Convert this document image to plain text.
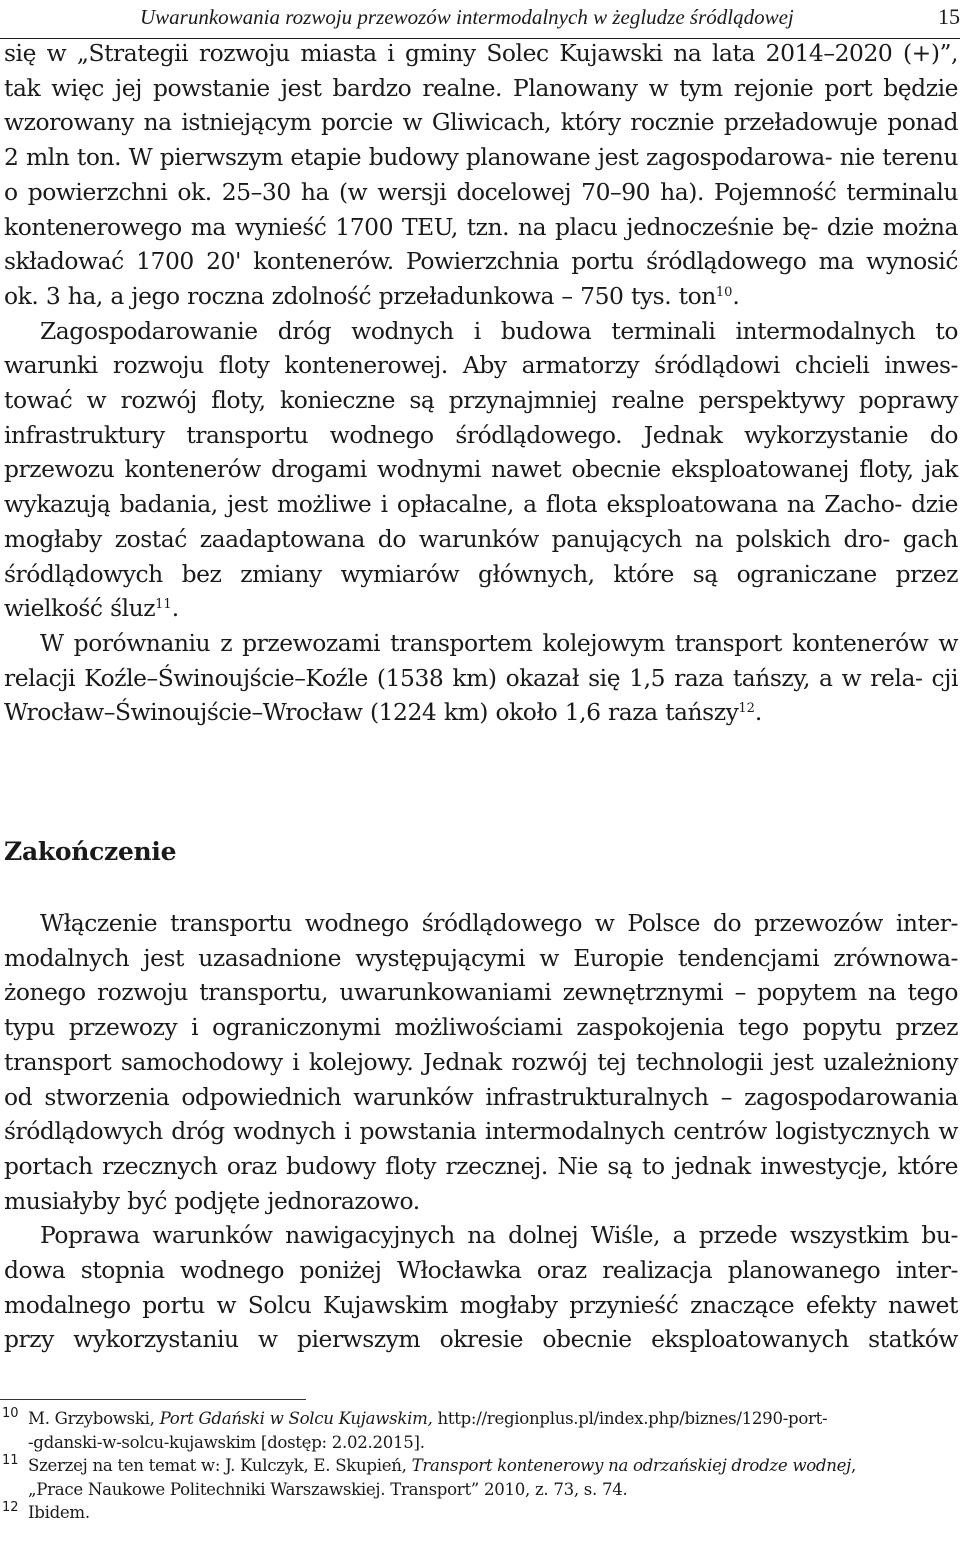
Uwarunkowania rozwoju przewozów intermodalnych w żegludze śródlądowej	15

się w „Strategii rozwoju miasta i gminy Solec Kujawski na lata 2014–2020 (+)”, tak więc jej powstanie jest bardzo realne. Planowany w tym rejonie port będzie wzorowany na istniejącym porcie w Gliwicach, który rocznie przeładowuje ponad 2 mln ton. W pierwszym etapie budowy planowane jest zagospodarowa- nie terenu o powierzchni ok. 25–30 ha (w wersji docelowej 70–90 ha). Pojemność terminalu kontenerowego ma wynieść 1700 TEU, tzn. na placu jednocześnie bę- dzie można składować 1700 20' kontenerów. Powierzchnia portu śródlądowego ma wynosić ok. 3 ha, a jego roczna zdolność przeładunkowa – 750 tys. ton$^{10}$.

Zagospodarowanie dróg wodnych i budowa terminali intermodalnych to warunki rozwoju floty kontenerowej. Aby armatorzy śródlądowi chcieli inwes- tować w rozwój floty, konieczne są przynajmniej realne perspektywy poprawy infrastruktury transportu wodnego śródlądowego. Jednak wykorzystanie do przewozu kontenerów drogami wodnymi nawet obecnie eksploatowanej floty, jak wykazują badania, jest możliwe i opłacalne, a flota eksploatowana na Zacho- dzie mogłaby zostać zaadaptowana do warunków panujących na polskich dro- gach śródlądowych bez zmiany wymiarów głównych, które są ograniczane przez wielkość śluz$^{11}$.

W porównaniu z przewozami transportem kolejowym transport kontenerów w relacji Koźle–Świnoujście–Koźle (1538 km) okazał się 1,5 raza tańszy, a w rela- cji Wrocław–Świnoujście–Wrocław (1224 km) około 1,6 raza tańszy$^{12}$.

Zakończenie

Włączenie transportu wodnego śródlądowego w Polsce do przewozów inter- modalnych jest uzasadnione występującymi w Europie tendencjami zrównowa- żonego rozwoju transportu, uwarunkowaniami zewnętrznymi – popytem na tego typu przewozy i ograniczonymi możliwościami zaspokojenia tego popytu przez transport samochodowy i kolejowy. Jednak rozwój tej technologii jest uzależniony od stworzenia odpowiednich warunków infrastrukturalnych – zagospodarowania śródlądowych dróg wodnych i powstania intermodalnych centrów logistycznych w portach rzecznych oraz budowy floty rzecznej. Nie są to jednak inwestycje, które musiałyby być podjęte jednorazowo.

Poprawa warunków nawigacyjnych na dolnej Wiśle, a przede wszystkim bu- dowa stopnia wodnego poniżej Włocławka oraz realizacja planowanego inter- modalnego portu w Solcu Kujawskim mogłaby przynieść znaczące efekty nawet przy wykorzystaniu w pierwszym okresie obecnie eksploatowanych statków

10 M. Grzybowski, Port Gdański w Solcu Kujawskim, http://regionplus.pl/index.php/biznes/1290-port-
-gdanski-w-solcu-kujawskim [dostęp: 2.02.2015].
11 Szerzej na ten temat w: J. Kulczyk, E. Skupień, Transport kontenerowy na odrzańskiej drodze wodnej,
„Prace Naukowe Politechniki Warszawskiej. Transport” 2010, z. 73, s. 74.
12 Ibidem.
